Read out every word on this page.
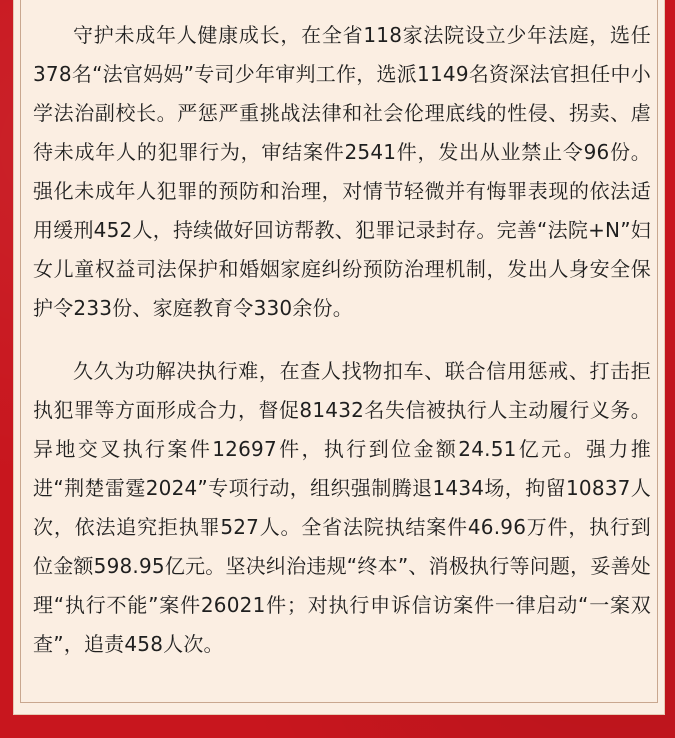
守护未成年人健康成长，在全省118家法院设立少年法庭，选任378名“法官妈妈”专司少年审判工作，选派1149名资深法官担任中小学法治副校长。严惩严重挑战法律和社会伦理底线的性侵、拐卖、虐待未成年人的犯罪行为，审结案件2541件，发出从业禁止令96份。强化未成年人犯罪的预防和治理，对情节轻微并有悔罪表现的依法适用缓刑452人，持续做好回访帮教、犯罪记录封存。完善“法院+N”妇女儿童权益司法保护和婚姻家庭纠纷预防治理机制，发出人身安全保护令233份、家庭教育令330余份。

久久为功解决执行难，在查人找物扣车、联合信用惩戒、打击拒执犯罪等方面形成合力，督促81432名失信被执行人主动履行义务。异地交叉执行案件12697件，执行到位金额24.51亿元。强力推进“荆楚雷霆2024”专项行动，组织强制腾退1434场，拘留10837人次，依法追究拒执罪527人。全省法院执结案件46.96万件，执行到位金额598.95亿元。坚决纠治违规“终本”、消极执行等问题，妥善处理“执行不能”案件26021件；对执行申诉信访案件一律启动“一案双查”，追责458人次。
